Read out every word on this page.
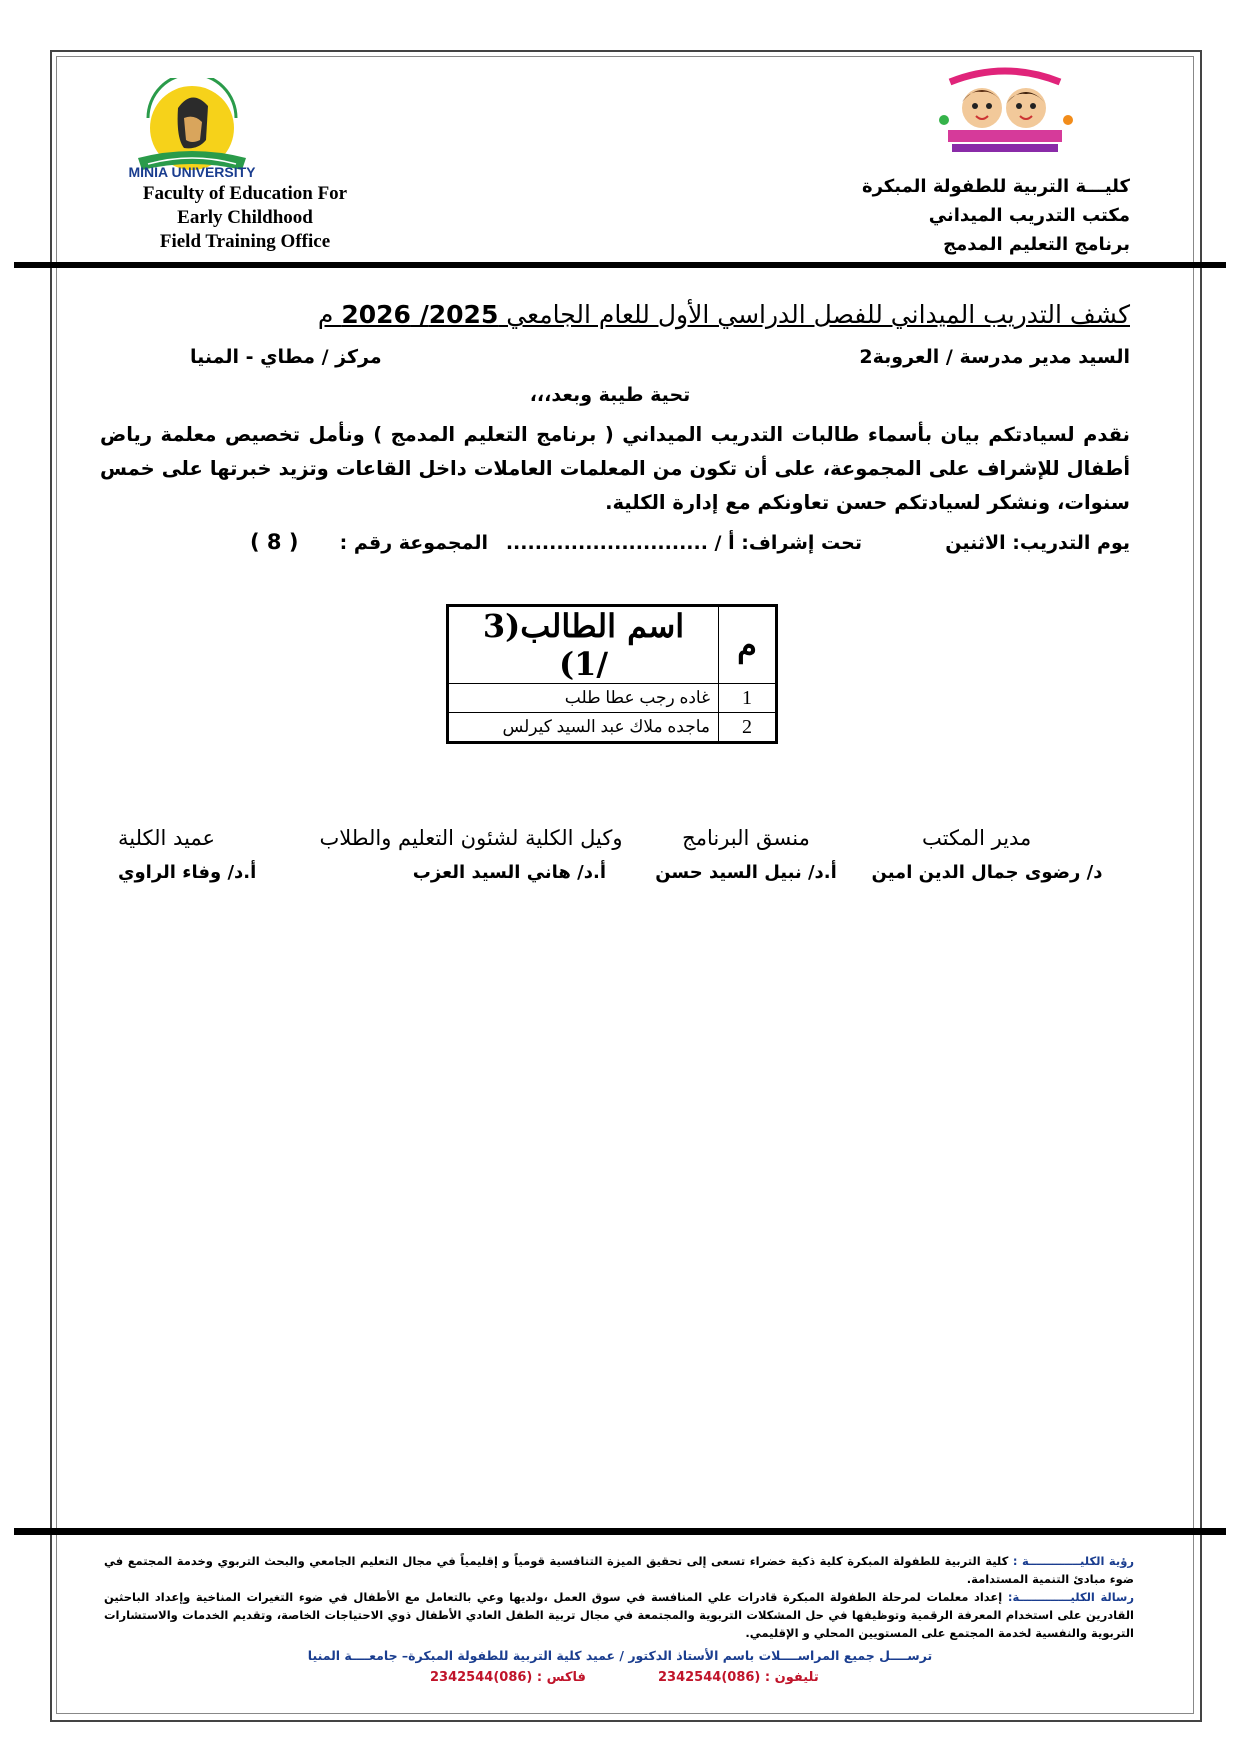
MINIA UNIVERSITY
Faculty of Education For
Early Childhood
Field Training Office
كليـــة التربية للطفولة المبكرة
مكتب التدريب الميداني
برنامج التعليم المدمج
كشف التدريب الميداني للفصل الدراسي الأول للعام الجامعي 2025/ 2026 م
السيد مدير مدرسة / العروبة2
مركز / مطاي - المنيا
تحية طيبة وبعد،،،
نقدم لسيادتكم بيان بأسماء طالبات التدريب الميداني ( برنامج التعليم المدمج ) ونأمل تخصيص معلمة رياض أطفال للإشراف على المجموعة، على أن تكون من المعلمات العاملات داخل القاعات وتزيد خبرتها على خمس سنوات، ونشكر لسيادتكم حسن تعاونكم مع إدارة الكلية.
يوم التدريب: الاثنين
تحت إشراف: أ / ............................
المجموعة رقم :
( 8 )
م	اسم الطالب(3 /1)
1	غاده رجب عطا طلب
2	ماجده ملاك عبد السيد كيرلس
مدير المكتب
د/ رضوى جمال الدين امين
منسق البرنامج
أ.د/ نبيل السيد حسن
وكيل الكلية لشئون التعليم والطلاب
أ.د/ هاني السيد العزب
عميد الكلية
أ.د/ وفاء الراوي
رؤية الكليـــــــــــــة : كلية التربية للطفولة المبكرة كلية ذكية خضراء تسعى إلى تحقيق الميزة التنافسية قومياً و إقليمياً في مجال التعليم الجامعي والبحث التربوي وخدمة المجتمع في ضوء مبادئ التنمية المستدامة.
رسالة الكليـــــــــــــة: إعداد معلمات لمرحلة الطفولة المبكرة قادرات علي المنافسة في سوق العمل ،ولديها وعي بالتعامل مع الأطفال في ضوء التغيرات المناخية وإعداد الباحثين القادرين على استخدام المعرفة الرقمية وتوظيفها في حل المشكلات التربوية والمجتمعة في مجال تربية الطفل العادي الأطفال ذوي الاحتياجات الخاصة، وتقديم الخدمات والاستشارات التربوية والنفسية لخدمة المجتمع على المستويين المحلي و الإقليمي.
ترســــل جميع المراســــلات باسم الأستاذ الدكتور / عميد كلية التربية للطفولة المبكرة– جامعــــة المنيا
تليفون : (086)2342544
فاكس : (086)2342544
